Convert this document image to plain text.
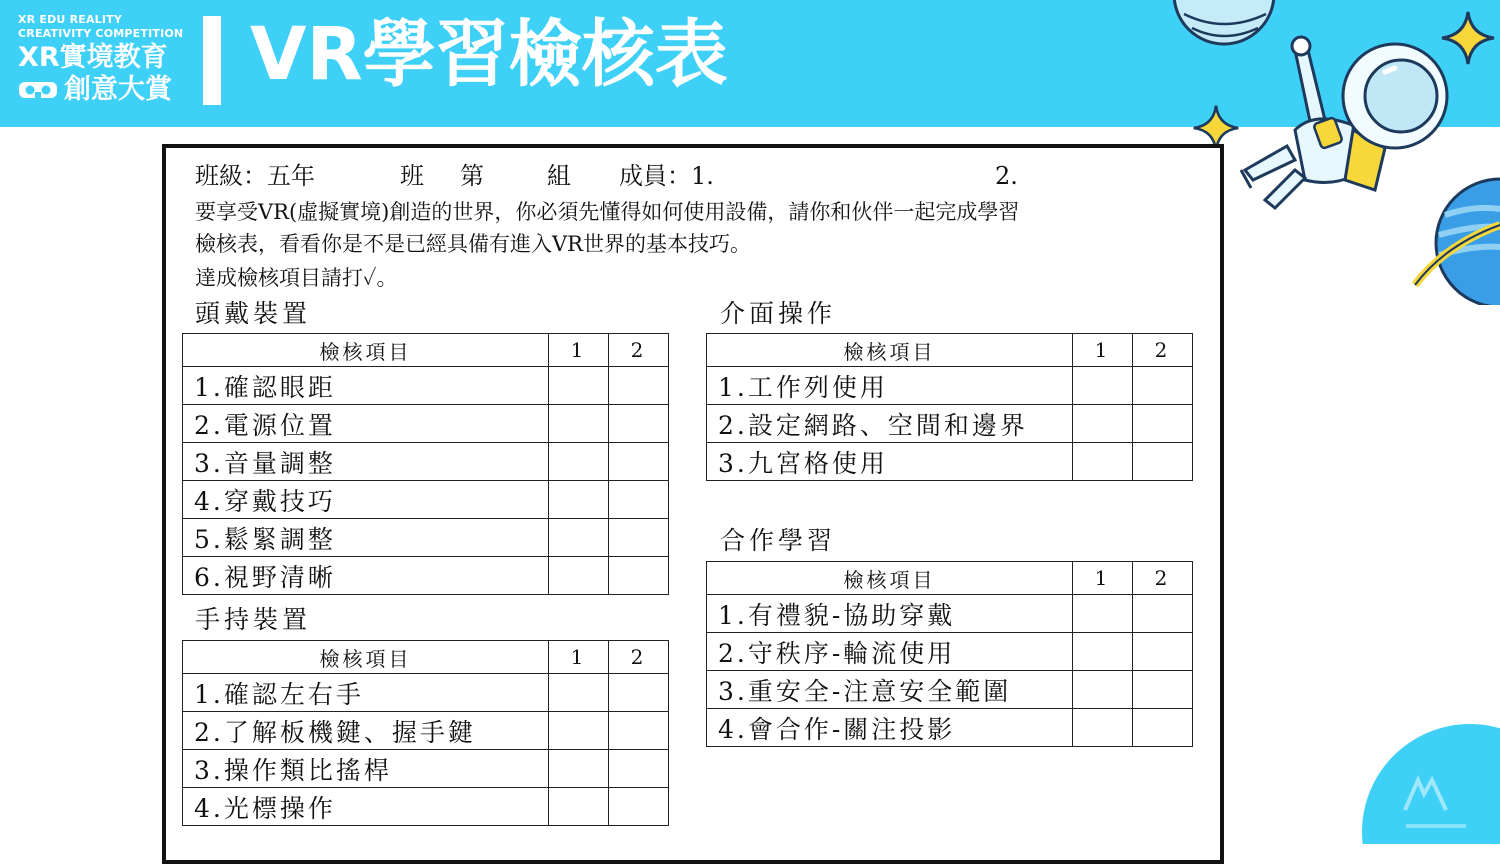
XR EDU REALITY
CREATIVITY COMPETITION
XR實境教育
創意大賞 VR學習檢核表
班級：五年	班 第	組 成員：1.	2.
要享受VR(虛擬實境)創造的世界，你必須先懂得如何使用設備，請你和伙伴一起完成學習
檢核表，看看你是不是已經具備有進入VR世界的基本技巧。
達成檢核項目請打✓。
頭戴裝置
檢核項目	1	2
1.確認眼距		
2.電源位置		
3.音量調整		
4.穿戴技巧		
5.鬆緊調整		
6.視野清晰		
手持裝置
檢核項目	1	2
1.確認左右手		
2.了解板機鍵、握手鍵		
3.操作類比搖桿		
4.光標操作		
介面操作
檢核項目	1	2
1.工作列使用		
2.設定網路、空間和邊界		
3.九宮格使用		
合作學習
檢核項目	1	2
1.有禮貌-協助穿戴		
2.守秩序-輪流使用		
3.重安全-注意安全範圍		
4.會合作-關注投影		
